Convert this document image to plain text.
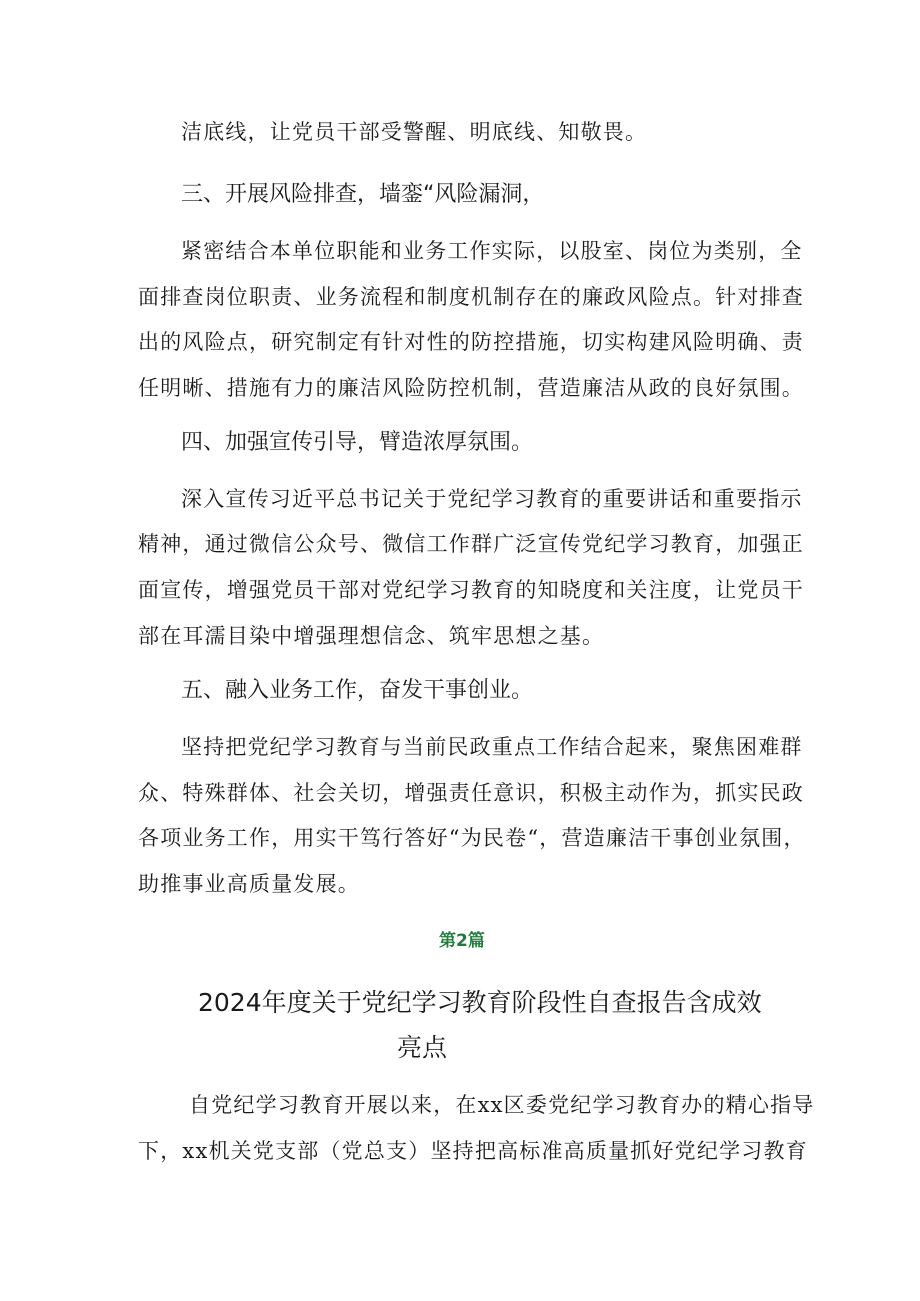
洁底线，让党员干部受警醒、明底线、知敬畏。
三、开展风险排查，墙銮“风险漏洞，
紧密结合本单位职能和业务工作实际，以股室、岗位为类别，全
面排查岗位职责、业务流程和制度机制存在的廉政风险点。针对排查
出的风险点，研究制定有针对性的防控措施，切实构建风险明确、责
任明晰、措施有力的廉洁风险防控机制，营造廉洁从政的良好氛围。
四、加强宣传引导，臂造浓厚氛围。
深入宣传习近平总书记关于党纪学习教育的重要讲话和重要指示
精神，通过微信公众号、微信工作群广泛宣传党纪学习教育，加强正
面宣传，增强党员干部对党纪学习教育的知晓度和关注度，让党员干
部在耳濡目染中增强理想信念、筑牢思想之基。
五、融入业务工作，奋发干事创业。
坚持把党纪学习教育与当前民政重点工作结合起来，聚焦困难群
众、特殊群体、社会关切，增强责任意识，积极主动作为，抓实民政
各项业务工作，用实干笃行答好“为民卷“，营造廉洁干事创业氛围，
助推事业高质量发展。
第2篇
2024年度关于党纪学习教育阶段性自查报告含成效
亮点
自党纪学习教育开展以来，在xx区委党纪学习教育办的精心指导
下，xx机关党支部（党总支）坚持把高标准高质量抓好党纪学习教育
